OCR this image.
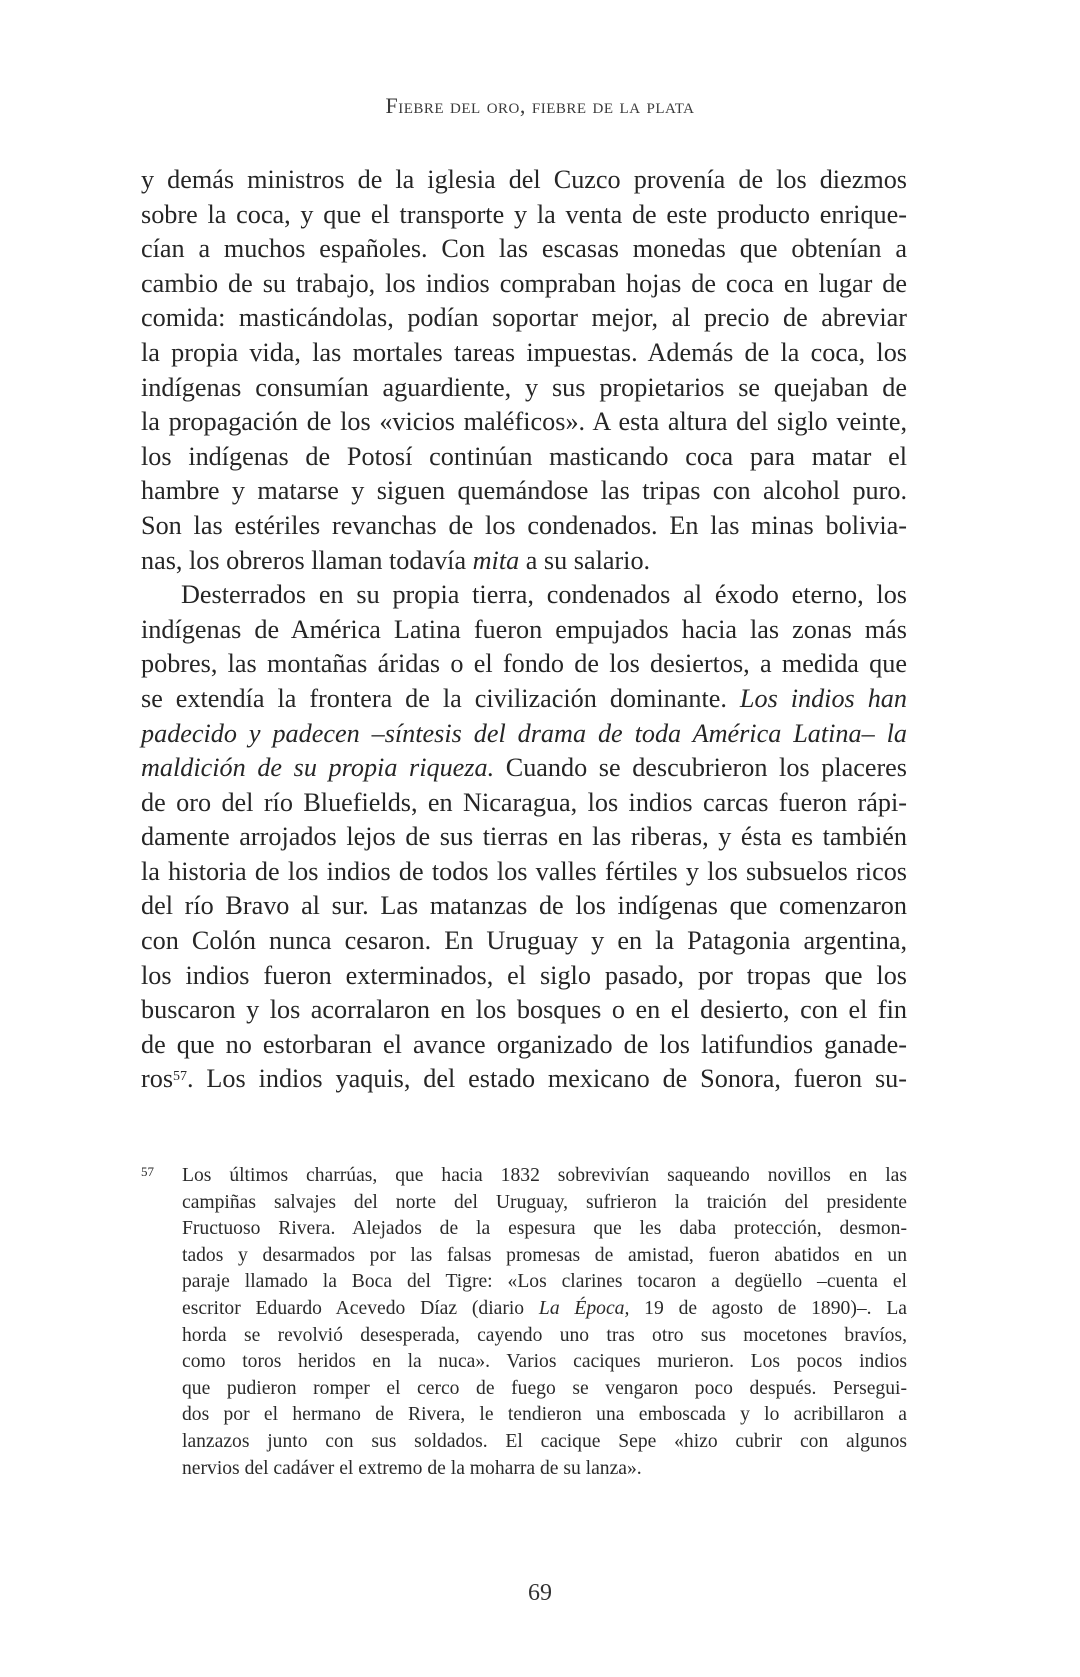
Fiebre del oro, fiebre de la plata
y demás ministros de la iglesia del Cuzco provenía de los diezmos
sobre la coca, y que el transporte y la venta de este producto enrique-
cían a muchos españoles. Con las escasas monedas que obtenían a
cambio de su trabajo, los indios compraban hojas de coca en lugar de
comida: masticándolas, podían soportar mejor, al precio de abreviar
la propia vida, las mortales tareas impuestas. Además de la coca, los
indígenas consumían aguardiente, y sus propietarios se quejaban de
la propagación de los «vicios maléficos». A esta altura del siglo veinte,
los indígenas de Potosí continúan masticando coca para matar el
hambre y matarse y siguen quemándose las tripas con alcohol puro.
Son las estériles revanchas de los condenados. En las minas bolivia-
nas, los obreros llaman todavía mita a su salario.
Desterrados en su propia tierra, condenados al éxodo eterno, los
indígenas de América Latina fueron empujados hacia las zonas más
pobres, las montañas áridas o el fondo de los desiertos, a medida que
se extendía la frontera de la civilización dominante. Los indios han
padecido y padecen –síntesis del drama de toda América Latina– la
maldición de su propia riqueza. Cuando se descubrieron los placeres
de oro del río Bluefields, en Nicaragua, los indios carcas fueron rápi-
damente arrojados lejos de sus tierras en las riberas, y ésta es también
la historia de los indios de todos los valles fértiles y los subsuelos ricos
del río Bravo al sur. Las matanzas de los indígenas que comenzaron
con Colón nunca cesaron. En Uruguay y en la Patagonia argentina,
los indios fueron exterminados, el siglo pasado, por tropas que los
buscaron y los acorralaron en los bosques o en el desierto, con el fin
de que no estorbaran el avance organizado de los latifundios ganade-
ros$^{57}$. Los indios yaquis, del estado mexicano de Sonora, fueron su-
57 Los últimos charrúas, que hacia 1832 sobrevivían saqueando novillos en las
campiñas salvajes del norte del Uruguay, sufrieron la traición del presidente
Fructuoso Rivera. Alejados de la espesura que les daba protección, desmon-
tados y desarmados por las falsas promesas de amistad, fueron abatidos en un
paraje llamado la Boca del Tigre: «Los clarines tocaron a degüello –cuenta el
escritor Eduardo Acevedo Díaz (diario La Época, 19 de agosto de 1890)–. La
horda se revolvió desesperada, cayendo uno tras otro sus mocetones bravíos,
como toros heridos en la nuca». Varios caciques murieron. Los pocos indios
que pudieron romper el cerco de fuego se vengaron poco después. Persegui-
dos por el hermano de Rivera, le tendieron una emboscada y lo acribillaron a
lanzazos junto con sus soldados. El cacique Sepe «hizo cubrir con algunos
nervios del cadáver el extremo de la moharra de su lanza».
69
